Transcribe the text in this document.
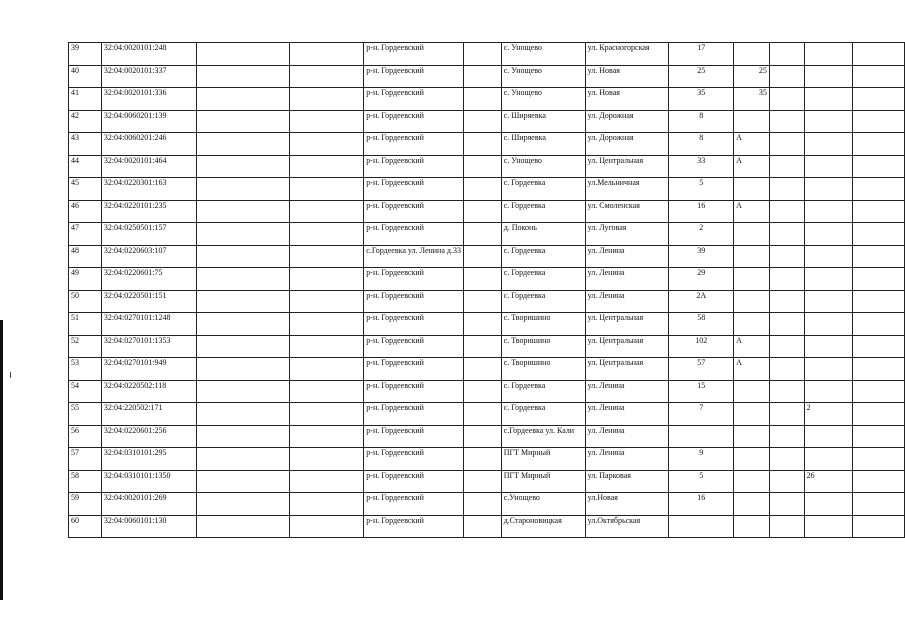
39	32:04:0020101:248			р-н. Гордеевский		с. Унощево	ул. Красногорская	17				
40	32:04:0020101:337			р-н. Гордеевский		с. Унощево	ул. Новая	25	25			
41	32:04:0020101:336			р-н. Гордеевский		с. Унощево	ул. Новая	35	35			
42	32:04:0060201:139			р-н. Гордеевский		с. Ширяевка	ул. Дорожная	8				
43	32:04:0060201:246			р-н. Гордеевский		с. Ширяевка	ул. Дорожная	8	А			
44	32:04:0020101:464			р-н. Гордеевский		с. Унощево	ул. Центральная	33	А			
45	32:04:0220301:163			р-н. Гордеевский		с. Гордеевка	ул.Мельничная	5				
46	32:04:0220101:235			р-н. Гордеевский		с. Гордеевка	ул. Смоленская	16	А			
47	32:04:0250501:157			р-н. Гордеевский		д. Поконь	ул. Луговая	2				
48	32:04:0220603:107			с.Гордеевка ул. Ленина д.33		с. Гордеевка	ул. Ленина	39				
49	32:04:0220601:75			р-н. Гордеевский		с. Гордеевка	ул. Ленина	29				
50	32:04:0220501:151			р-н. Гордеевский		с. Гордеевка	ул. Ленина	2А				
51	32:04:0270101:1248			р-н. Гордеевский		с. Творишино	ул. Центральная	58				
52	32:04:0270101:1353			р-н. Гордеевский		с. Творишино	ул. Центральная	102	А			
53	32:04:0270101:949			р-н. Гордеевский		с. Творишино	ул. Центральная	57	А			
54	32:04:0220502:118			р-н. Гордеевский		с. Гордеевка	ул. Ленина	15				
55	32:04:220502:171			р-н. Гордеевский		с. Гордеевка	ул. Ленина	7			2	
56	32:04:0220601:256			р-н. Гордеевский		с.Гордеевка ул. Кали	ул. Ленина					
57	32:04:0310101:295			р-н. Гордеевский		ПГТ Мирный	ул. Ленина	9				
58	32:04:0310101:1350			р-н. Гордеевский		ПГТ Мирный	ул. Парковая	5			26	
59	32:04:0020101:269			р-н. Гордеевский		с.Унощево	ул.Новая	16				
60	32:04:0060101:130			р-н. Гордеевский		д.Староновицкая	ул.Октябрьская					
